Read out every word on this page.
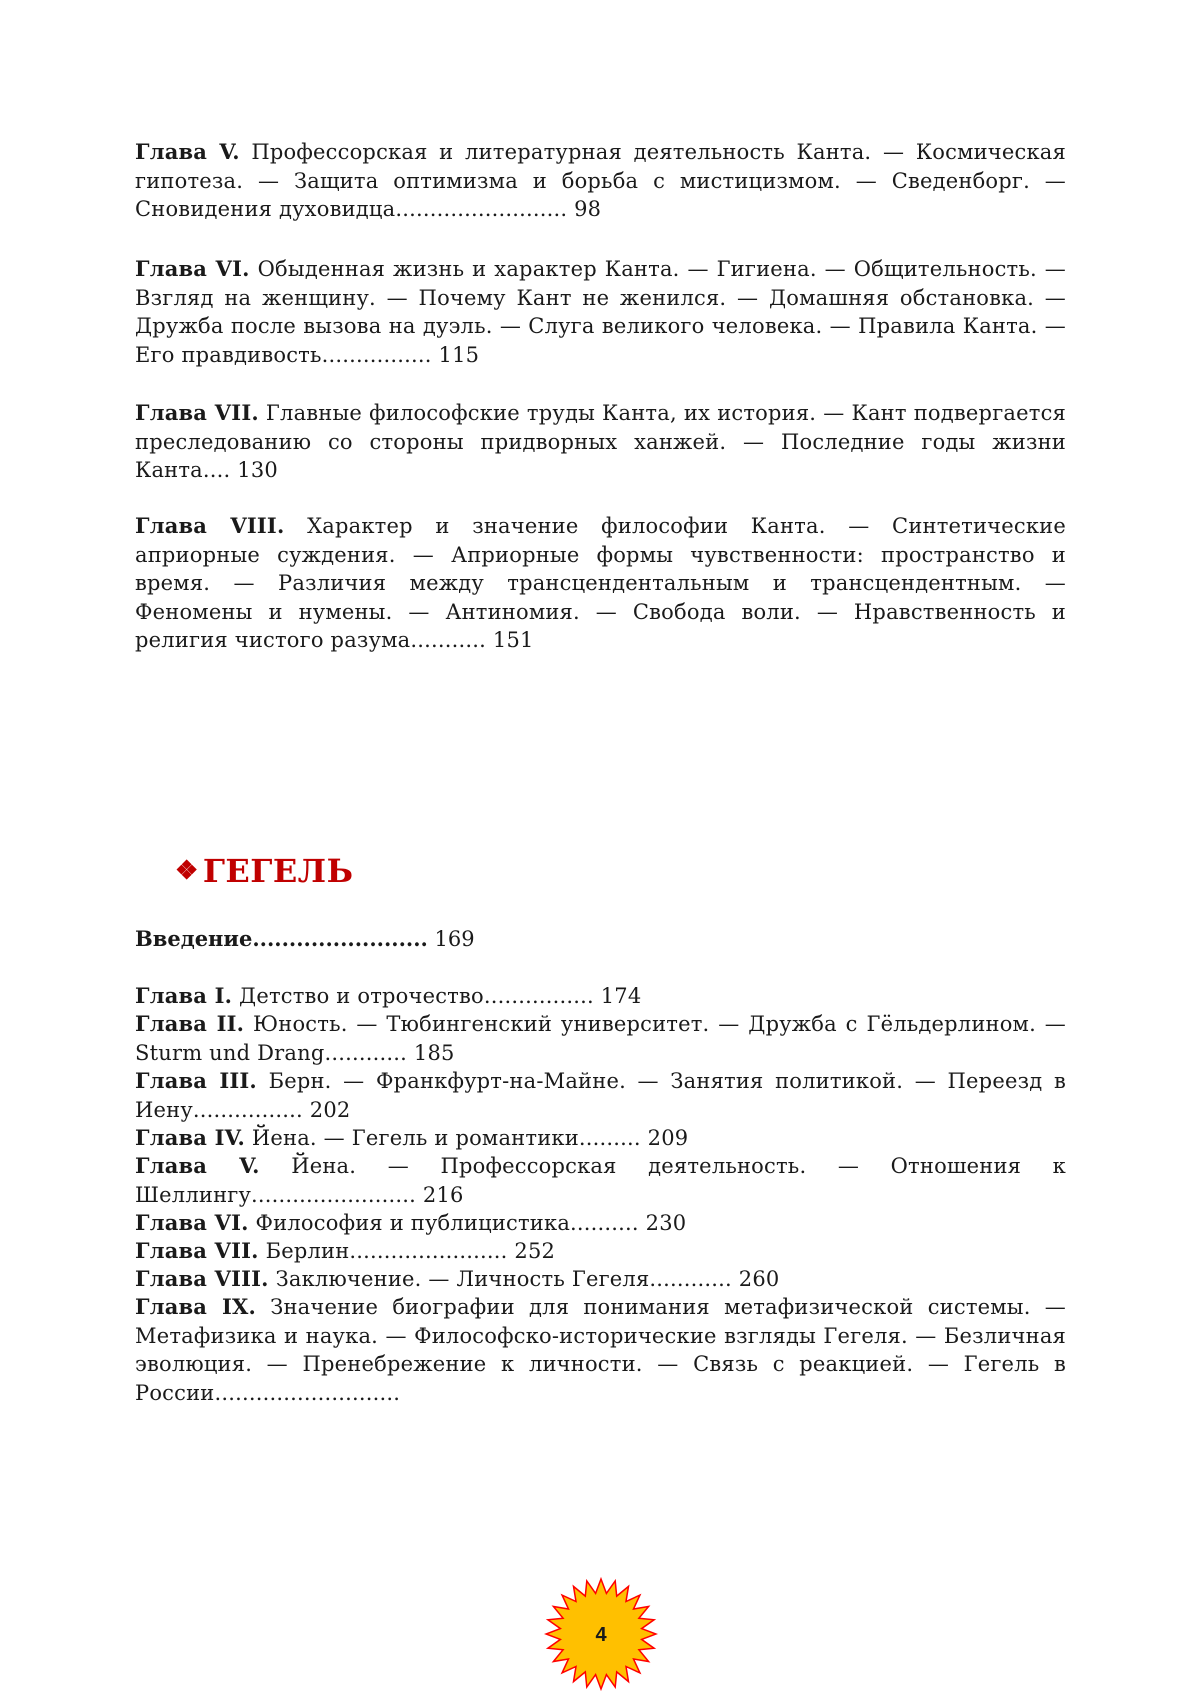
Глава V. Профессорская и литературная деятельность Канта. — Космическая гипотеза. — Защита оптимизма и борьба с мистицизмом. — Сведенборг. — Сновидения духовидца......................... 98

Глава VI. Обыденная жизнь и характер Канта. — Гигиена. — Общительность. — Взгляд на женщину. — Почему Кант не женился. — Домашняя обстановка. — Дружба после вызова на дуэль. — Слуга великого человека. — Правила Канта. — Его правдивость................ 115

Глава VII. Главные философские труды Канта, их история. — Кант подвергается преследованию со стороны придворных ханжей. — Последние годы жизни Канта.... 130

Глава VIII. Характер и значение философии Канта. — Синтетические априорные суждения. — Априорные формы чувственности: пространство и время. — Различия между трансцендентальным и трансцендентным. — Феномены и нумены. — Антиномия. — Свобода воли. — Нравственность и религия чистого разума........... 151

❖ ГЕГЕЛЬ

Введение........................ 169

Глава I. Детство и отрочество................ 174

Глава II. Юность. — Тюбингенский университет. — Дружба с Гёльдерлином. — Sturm und Drang............ 185

Глава III. Берн. — Франкфурт-на-Майне. — Занятия политикой. — Переезд в Иену................ 202

Глава IV. Йена. — Гегель и романтики......... 209

Глава V. Йена. — Профессорская деятельность. — Отношения к Шеллингу........................ 216

Глава VI. Философия и публицистика.......... 230

Глава VII. Берлин....................... 252

Глава VIII. Заключение. — Личность Гегеля............ 260

Глава IX. Значение биографии для понимания метафизической системы. — Метафизика и наука. — Философско-исторические взгляды Гегеля. — Безличная эволюция. — Пренебрежение к личности. — Связь с реакцией. — Гегель в России...........................

4
